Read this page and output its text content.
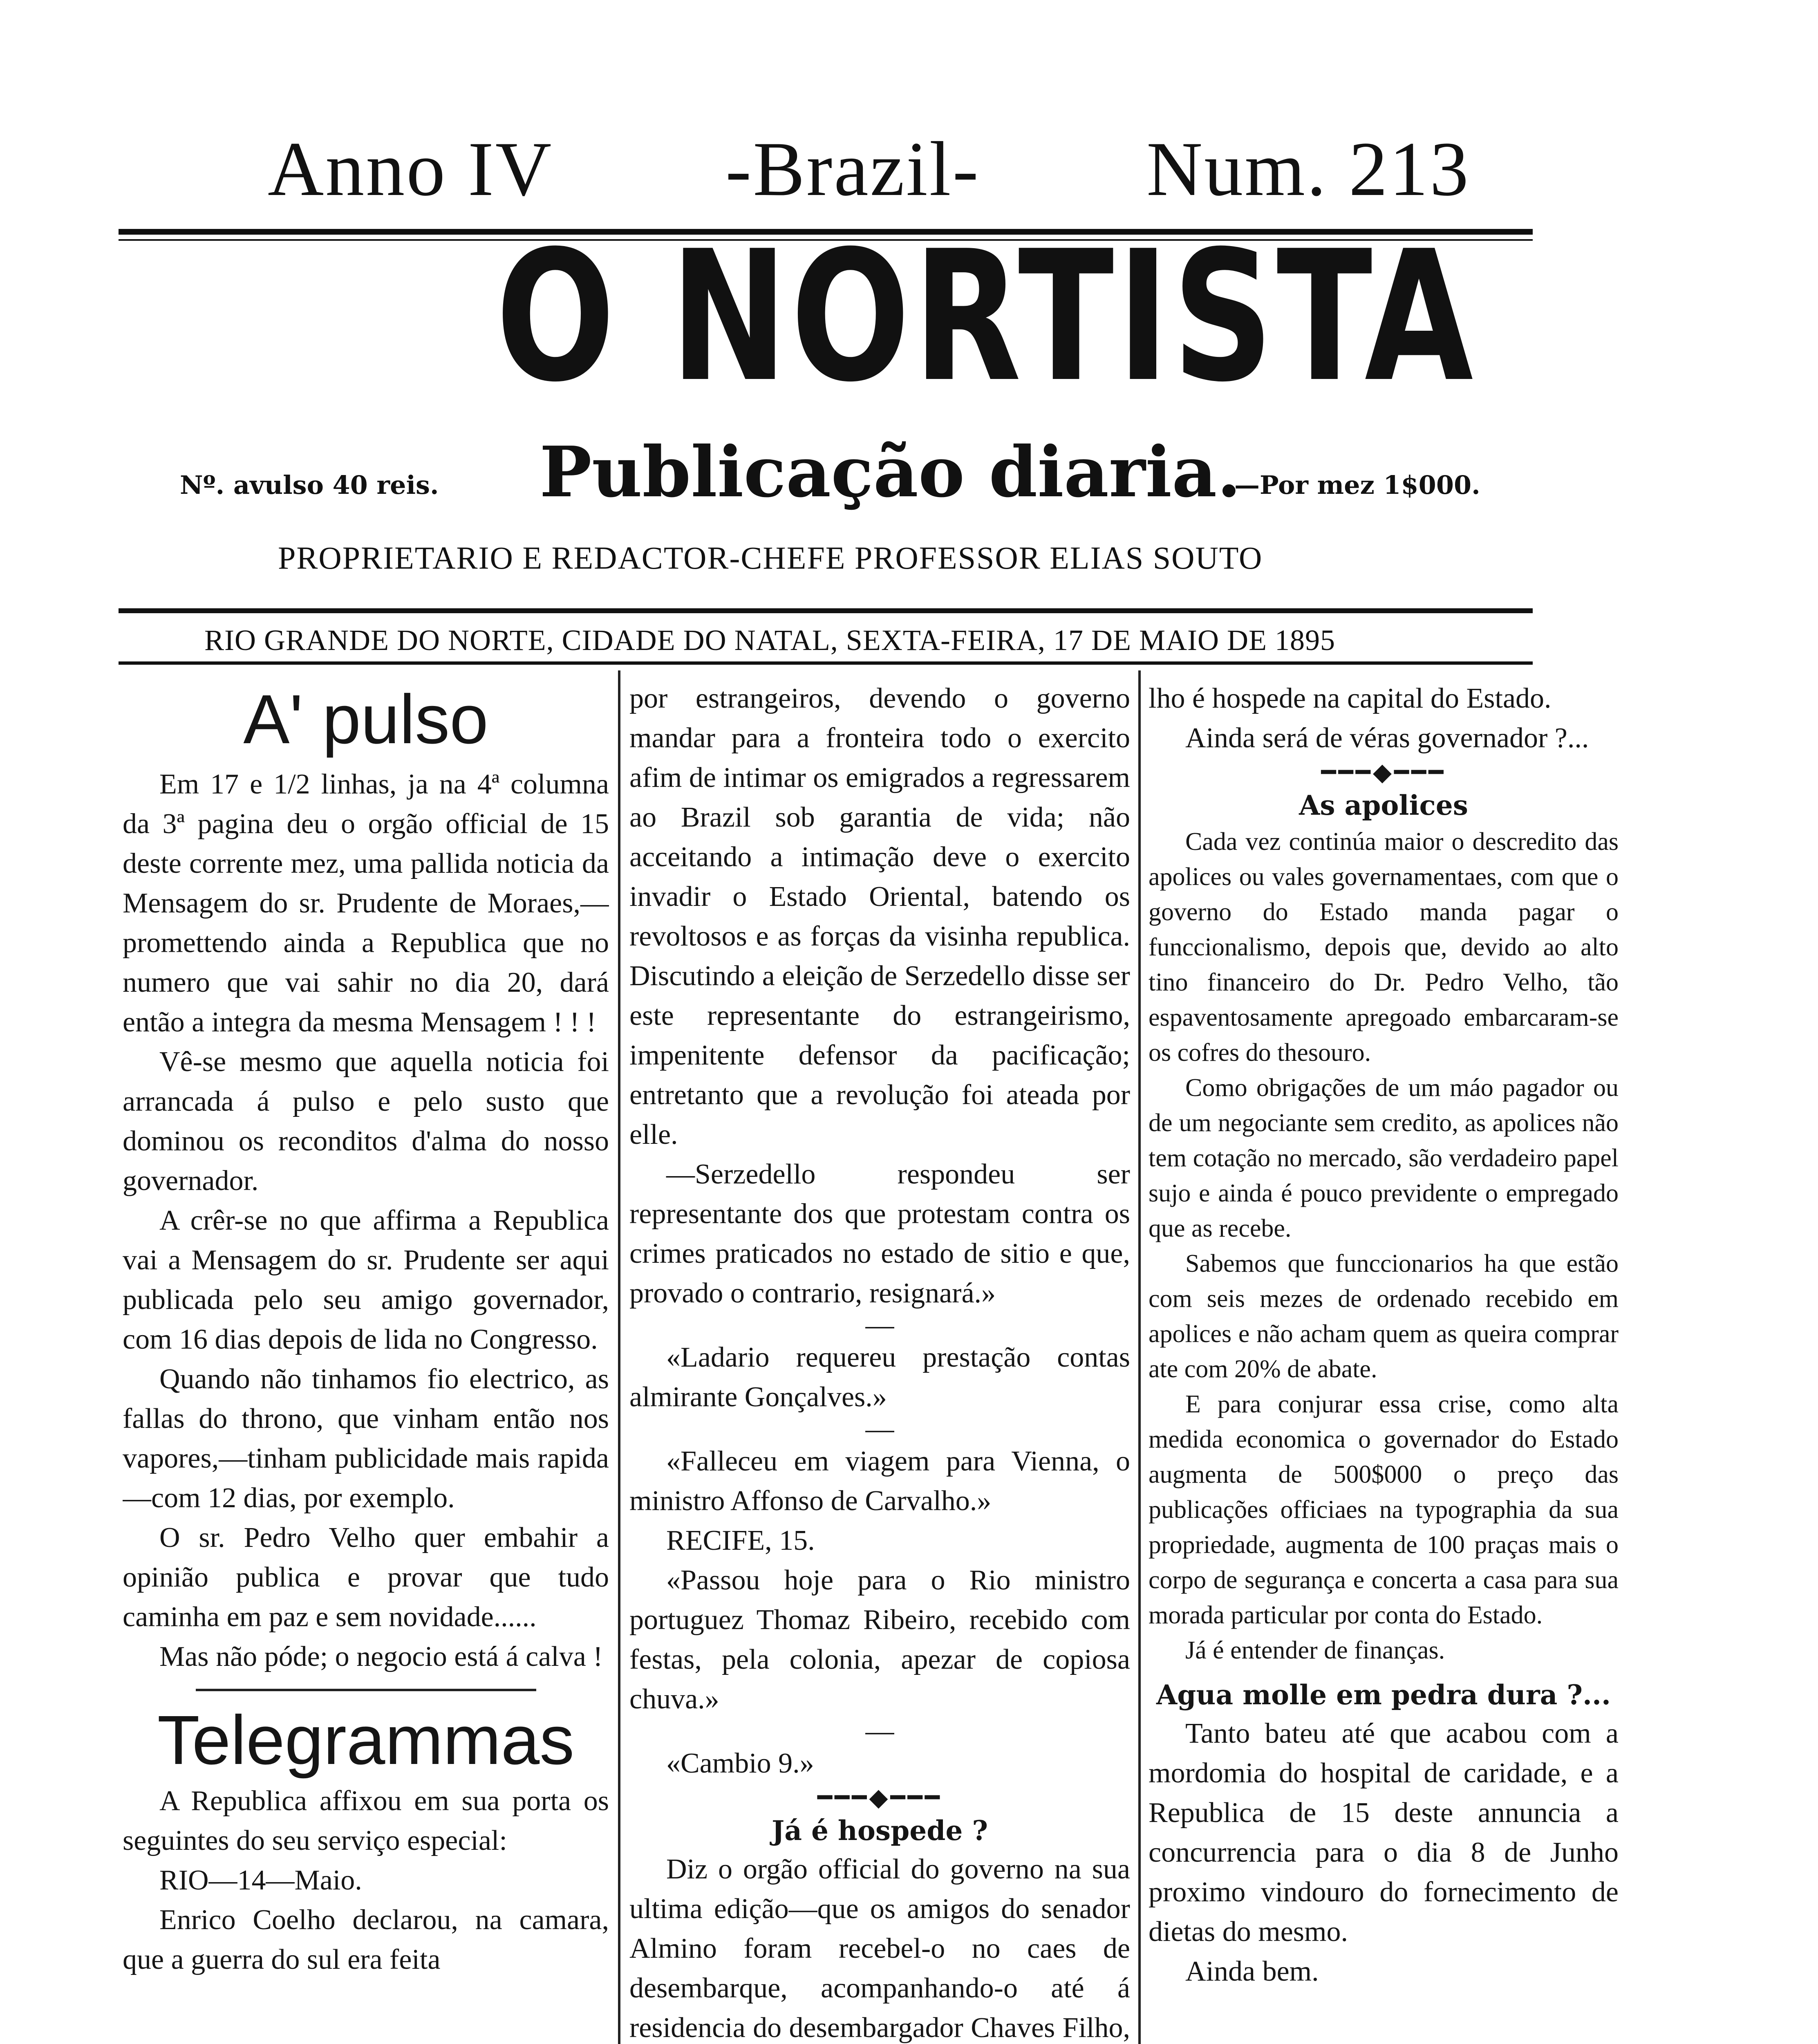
Anno IV -Brazil- Num. 213
O NORTISTA
Nº. avulso 40 reis.	Publicação diaria.
—Por mez 1$000.
PROPRIETARIO E REDACTOR-CHEFE PROFESSOR ELIAS SOUTO
RIO GRANDE DO NORTE, CIDADE DO NATAL, SEXTA-FEIRA, 17 DE MAIO DE 1895
A' pulso

Em 17 e 1/2 linhas, ja na 4ª columna da 3ª pagina deu o orgão official de 15 deste corrente mez, uma pallida noticia da Mensagem do sr. Prudente de Moraes,—promettendo ainda a Republica que no numero que vai sahir no dia 20, dará então a integra da mesma Mensagem ! ! !

Vê-se mesmo que aquella noticia foi arrancada á pulso e pelo susto que dominou os reconditos d'alma do nosso governador.

A crêr-se no que affirma a Republica vai a Mensagem do sr. Prudente ser aqui publicada pelo seu amigo governador, com 16 dias depois de lida no Congresso.

Quando não tinhamos fio electrico, as fallas do throno, que vinham então nos vapores,—tinham publicidade mais rapida—com 12 dias, por exemplo.

O sr. Pedro Velho quer embahir a opinião publica e provar que tudo caminha em paz e sem novidade......

Mas não póde; o negocio está á calva !

Telegrammas

A Republica affixou em sua porta os seguintes do seu serviço especial:

RIO—14—Maio.

Enrico Coelho declarou, na camara, que a guerra do sul era feita

por estrangeiros, devendo o governo mandar para a fronteira todo o exercito afim de intimar os emigrados a regressarem ao Brazil sob garantia de vida; não acceitando a intimação deve o exercito invadir o Estado Oriental, batendo os revoltosos e as forças da visinha republica. Discutindo a eleição de Serzedello disse ser este representante do estrangeirismo, impenitente defensor da pacificação; entretanto que a revolução foi ateada por elle.

—Serzedello respondeu ser representante dos que protestam contra os crimes praticados no estado de sitio e que, provado o contrario, resignará.»

—

«Ladario requereu prestação contas almirante Gonçalves.»

—

«Falleceu em viagem para Vienna, o ministro Affonso de Carvalho.»

RECIFE, 15.

«Passou hoje para o Rio ministro portuguez Thomaz Ribeiro, recebido com festas, pela colonia, apezar de copiosa chuva.»

—

«Cambio 9.»

━━━◆━━━
Já é hospede ?

Diz o orgão official do governo na sua ultima edição—que os amigos do senador Almino foram recebel-o no caes de desembarque, acompanhando-o até á residencia do desembargador Chaves Filho,

lho é hospede na capital do Estado.

Ainda será de véras governador ?...

━━━◆━━━
As apolices

Cada vez continúa maior o descredito das apolices ou vales governamentaes, com que o governo do Estado manda pagar o funccionalismo, depois que, devido ao alto tino financeiro do Dr. Pedro Velho, tão espaventosamente apregoado embarcaram-se os cofres do thesouro.

Como obrigações de um máo pagador ou de um negociante sem credito, as apolices não tem cotação no mercado, são verdadeiro papel sujo e ainda é pouco previdente o empregado que as recebe.

Sabemos que funccionarios ha que estão com seis mezes de ordenado recebido em apolices e não acham quem as queira comprar ate com 20% de abate.

E para conjurar essa crise, como alta medida economica o governador do Estado augmenta de 500$000 o preço das publicações officiaes na typographia da sua propriedade, augmenta de 100 praças mais o corpo de segurança e concerta a casa para sua morada particular por conta do Estado.

Já é entender de finanças.

Agua molle em pedra dura ?...

Tanto bateu até que acabou com a mordomia do hospital de caridade, e a Republica de 15 deste annuncia a concurrencia para o dia 8 de Junho proximo vindouro do fornecimento de dietas do mesmo.

Ainda bem.
